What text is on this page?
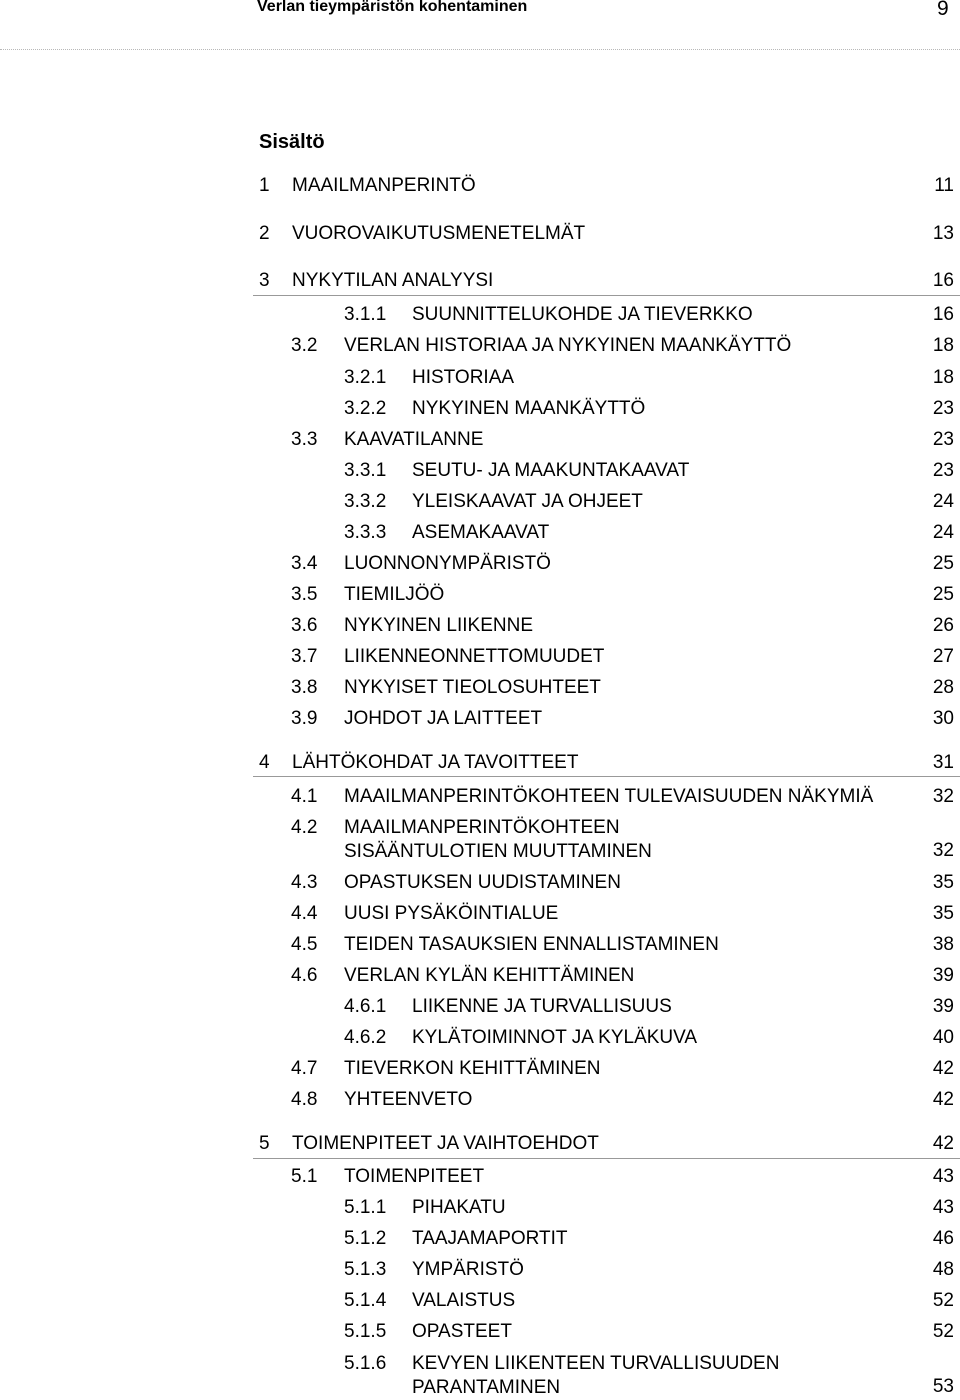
Verlan tieympäristön kohentaminen	9
Sisältö
1 MAAILMANPERINTÖ	11
2 VUOROVAIKUTUSMENETELMÄT	13
3 NYKYTILAN ANALYYSI	16
3.1.1 SUUNNITTELUKOHDE JA TIEVERKKO	16
3.2 VERLAN HISTORIAA JA NYKYINEN MAANKÄYTTÖ	18
3.2.1 HISTORIAA	18
3.2.2 NYKYINEN MAANKÄYTTÖ	23
3.3 KAAVATILANNE	23
3.3.1 SEUTU- JA MAAKUNTAKAAVAT	23
3.3.2 YLEISKAAVAT JA OHJEET	24
3.3.3 ASEMAKAAVAT	24
3.4 LUONNONYMPÄRISTÖ	25
3.5 TIEMILJÖÖ	25
3.6 NYKYINEN LIIKENNE	26
3.7 LIIKENNEONNETTOMUUDET	27
3.8 NYKYISET TIEOLOSUHTEET	28
3.9 JOHDOT JA LAITTEET	30
4 LÄHTÖKOHDAT JA TAVOITTEET	31
4.1 MAAILMANPERINTÖKOHTEEN TULEVAISUUDEN NÄKYMIÄ	32
4.2 MAAILMANPERINTÖKOHTEEN SISÄÄNTULOTIEN MUUTTAMINEN	32
4.3 OPASTUKSEN UUDISTAMINEN	35
4.4 UUSI PYSÄKÖINTIALUE	35
4.5 TEIDEN TASAUKSIEN ENNALLISTAMINEN	38
4.6 VERLAN KYLÄN KEHITTÄMINEN	39
4.6.1 LIIKENNE JA TURVALLISUUS	39
4.6.2 KYLÄTOIMINNOT JA KYLÄKUVA	40
4.7 TIEVERKON KEHITTÄMINEN	42
4.8 YHTEENVETO	42
5 TOIMENPITEET JA VAIHTOEHDOT	42
5.1 TOIMENPITEET	43
5.1.1 PIHAKATU	43
5.1.2 TAAJAMAPORTIT	46
5.1.3 YMPÄRISTÖ	48
5.1.4 VALAISTUS	52
5.1.5 OPASTEET	52
5.1.6 KEVYEN LIIKENTEEN TURVALLISUUDEN PARANTAMINEN	53
